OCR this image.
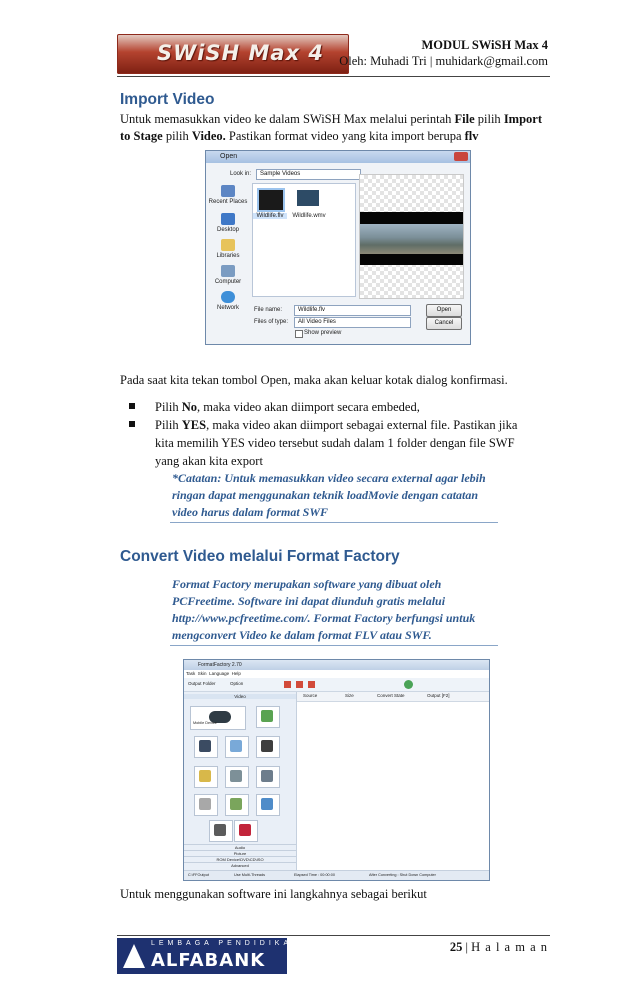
SWiSH Max 4	MODUL SWiSH Max 4
Oleh: Muhadi Tri | muhidark@gmail.com
Import Video
Untuk memasukkan video ke dalam SWiSH Max melalui perintah File pilih Import to Stage pilih Video. Pastikan format video yang kita import berupa flv
Open
Look in:	Sample Videos
Recent Places
Desktop
Libraries
Computer
Network
Wildlife.flv	Wildlife.wmv
File name:	Wildlife.flv	Open
Files of type:	All Video Files	Cancel
Show preview
Pada saat kita tekan tombol Open, maka akan keluar kotak dialog konfirmasi.
Pilih No, maka video akan diimport secara embeded,
Pilih YES, maka video akan diimport sebagai external file. Pastikan jika kita memilih YES video tersebut sudah dalam 1 folder dengan file SWF yang akan kita export
*Catatan: Untuk memasukkan video secara external agar lebih ringan dapat menggunakan teknik loadMovie dengan catatan video harus dalam format SWF
Convert Video melalui Format Factory
Format Factory merupakan software yang dibuat oleh PCFreetime. Software ini dapat diunduh gratis melalui http://www.pcfreetime.com/. Format Factory berfungsi untuk mengconvert Video ke dalam format FLV atau SWF.
FormatFactory 2.70
Task Skin Language Help
Output Folder	Option
Video
Mobile Device
Audio
Picture
ROM Device\DVD\CD\ISO
Advanced
Source	Size	Convert State	Output [F2]
C:\FFOutput	Use Multi-Threads	Elapsed Time : 00:00:00	After Converting : Shut Down Computer
Untuk menggunakan software ini langkahnya sebagai berikut
LEMBAGA PENDIDIKAN
ALFABANK
25 | H a l a m a n
